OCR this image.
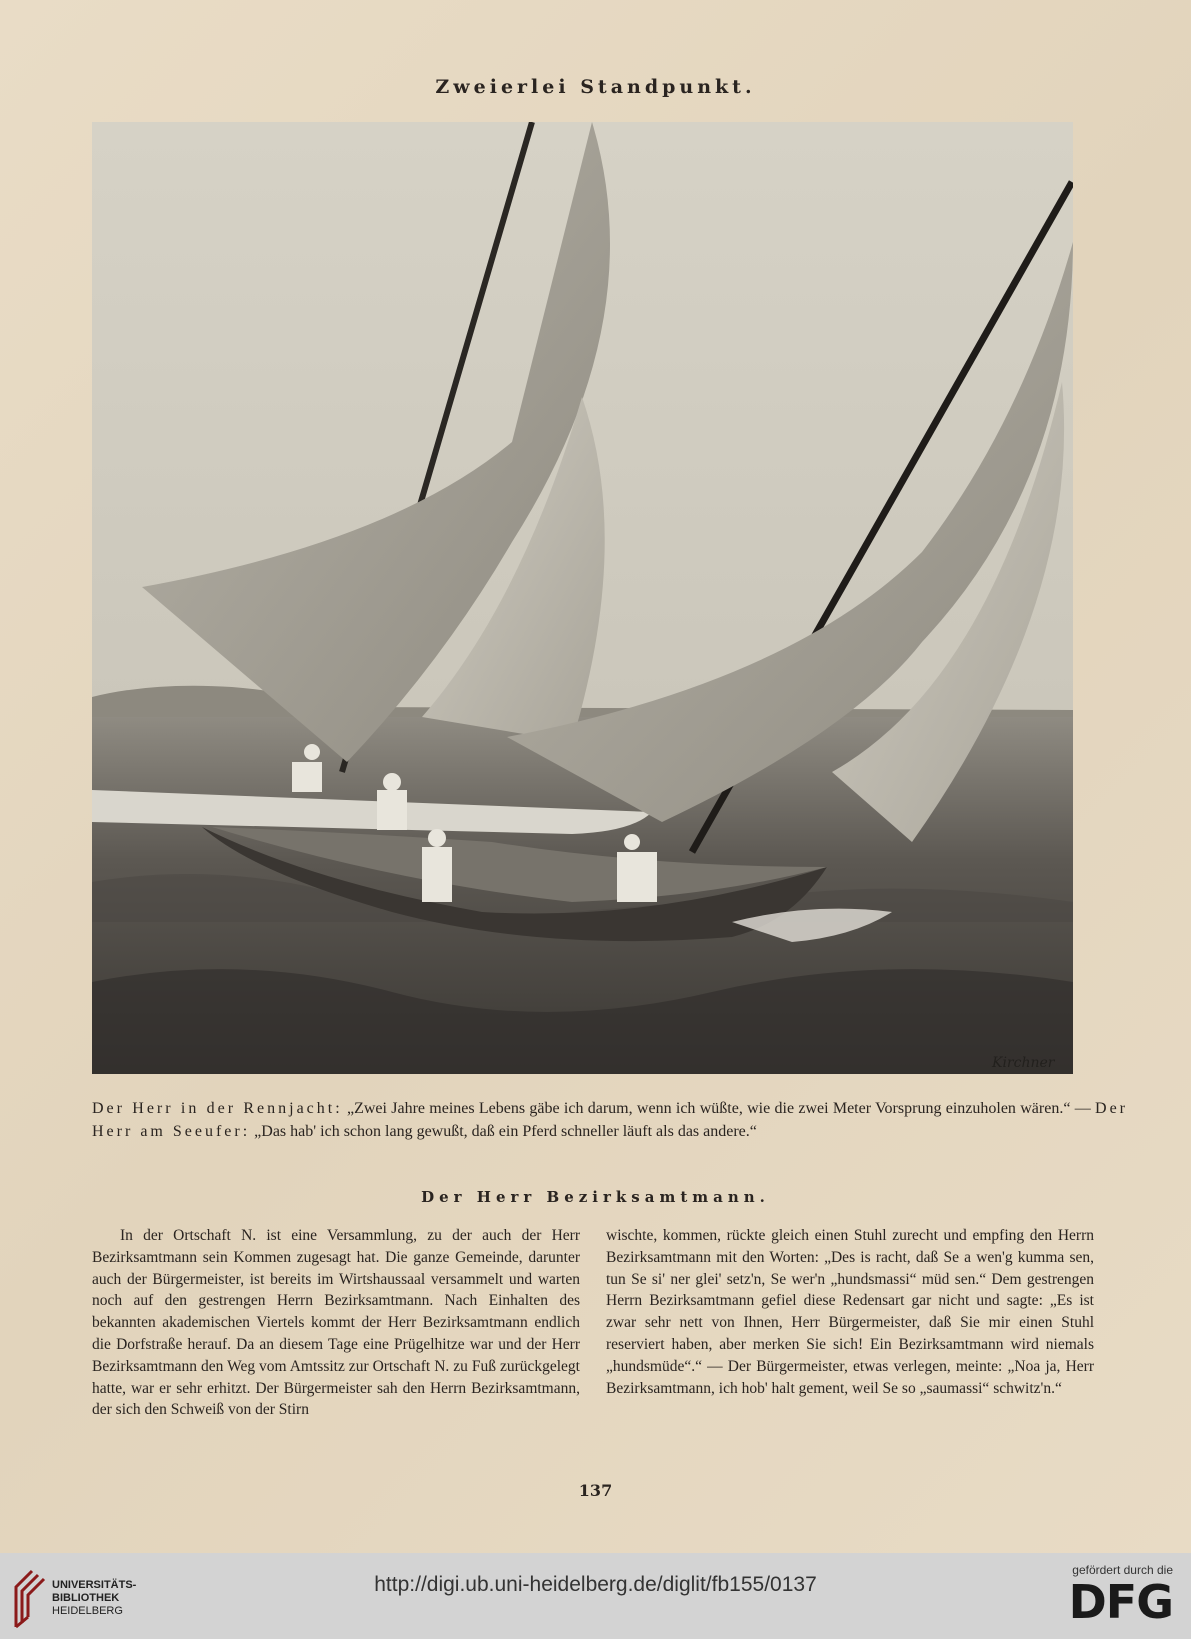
Zweierlei Standpunkt.
Kirchner
Der Herr in der Rennjacht: „Zwei Jahre meines Lebens gäbe ich darum, wenn ich wüßte, wie die zwei Meter Vorsprung einzuholen wären.“ — Der Herr am Seeufer: „Das hab' ich schon lang gewußt, daß ein Pferd schneller läuft als das andere.“
Der Herr Bezirksamtmann.

In der Ortschaft N. ist eine Versammlung, zu der auch der Herr Bezirksamtmann sein Kommen zugesagt hat. Die ganze Gemeinde, darunter auch der Bürgermeister, ist bereits im Wirtshaussaal versammelt und warten noch auf den gestrengen Herrn Bezirksamtmann. Nach Einhalten des bekannten akademischen Viertels kommt der Herr Bezirksamtmann endlich die Dorfstraße herauf. Da an diesem Tage eine Prügelhitze war und der Herr Bezirksamtmann den Weg vom Amtssitz zur Ortschaft N. zu Fuß zurückgelegt hatte, war er sehr erhitzt. Der Bürgermeister sah den Herrn Bezirksamtmann, der sich den Schweiß von der Stirn

wischte, kommen, rückte gleich einen Stuhl zurecht und empfing den Herrn Bezirksamtmann mit den Worten: „Des is racht, daß Se a wen'g kumma sen, tun Se si' ner glei' setz'n, Se wer'n „hundsmassi“ müd sen.“ Dem gestrengen Herrn Bezirksamtmann gefiel diese Redensart gar nicht und sagte: „Es ist zwar sehr nett von Ihnen, Herr Bürgermeister, daß Sie mir einen Stuhl reserviert haben, aber merken Sie sich! Ein Bezirksamtmann wird niemals „hundsmüde“.“ — Der Bürgermeister, etwas verlegen, meinte: „Noa ja, Herr Bezirksamtmann, ich hob' halt gement, weil Se so „saumassi“ schwitz'n.“

137
UNIVERSITÄTS-
BIBLIOTHEK
HEIDELBERG
http://digi.ub.uni-heidelberg.de/diglit/fb155/0137
gefördert durch die
DFG
